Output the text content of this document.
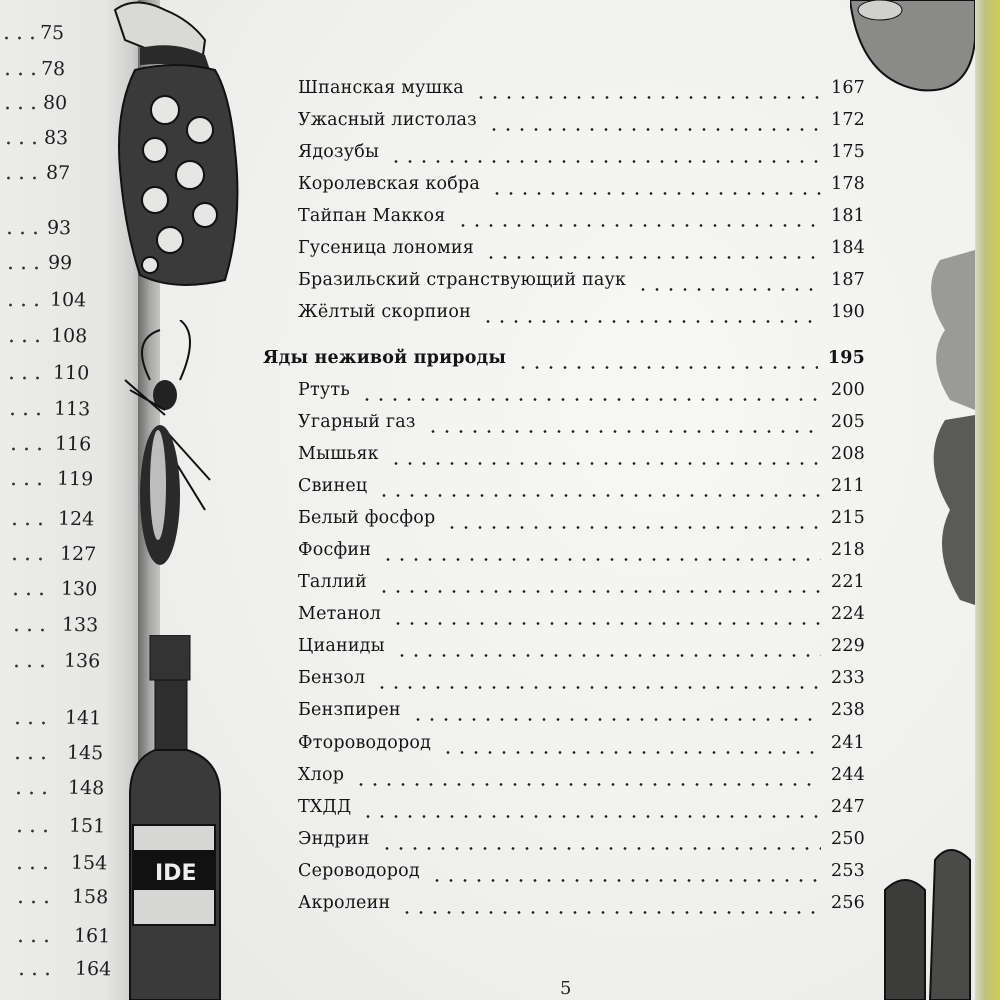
75
78
80
83
87
93
99
104
108
110
113
116
119
124
127
130
133
136
141
145
148
151
154
158
161
164
IDE
Шпанская мушка	167
Ужасный листолаз	172
Ядозубы	175
Королевская кобра	178
Тайпан Маккоя	181
Гусеница лономия	184
Бразильский странствующий паук	187
Жёлтый скорпион	190
Яды неживой природы	195
Ртуть	200
Угарный газ	205
Мышьяк	208
Свинец	211
Белый фосфор	215
Фосфин	218
Таллий	221
Метанол	224
Цианиды	229
Бензол	233
Бензпирен	238
Фтороводород	241
Хлор	244
ТХДД	247
Эндрин	250
Сероводород	253
Акролеин	256
5
